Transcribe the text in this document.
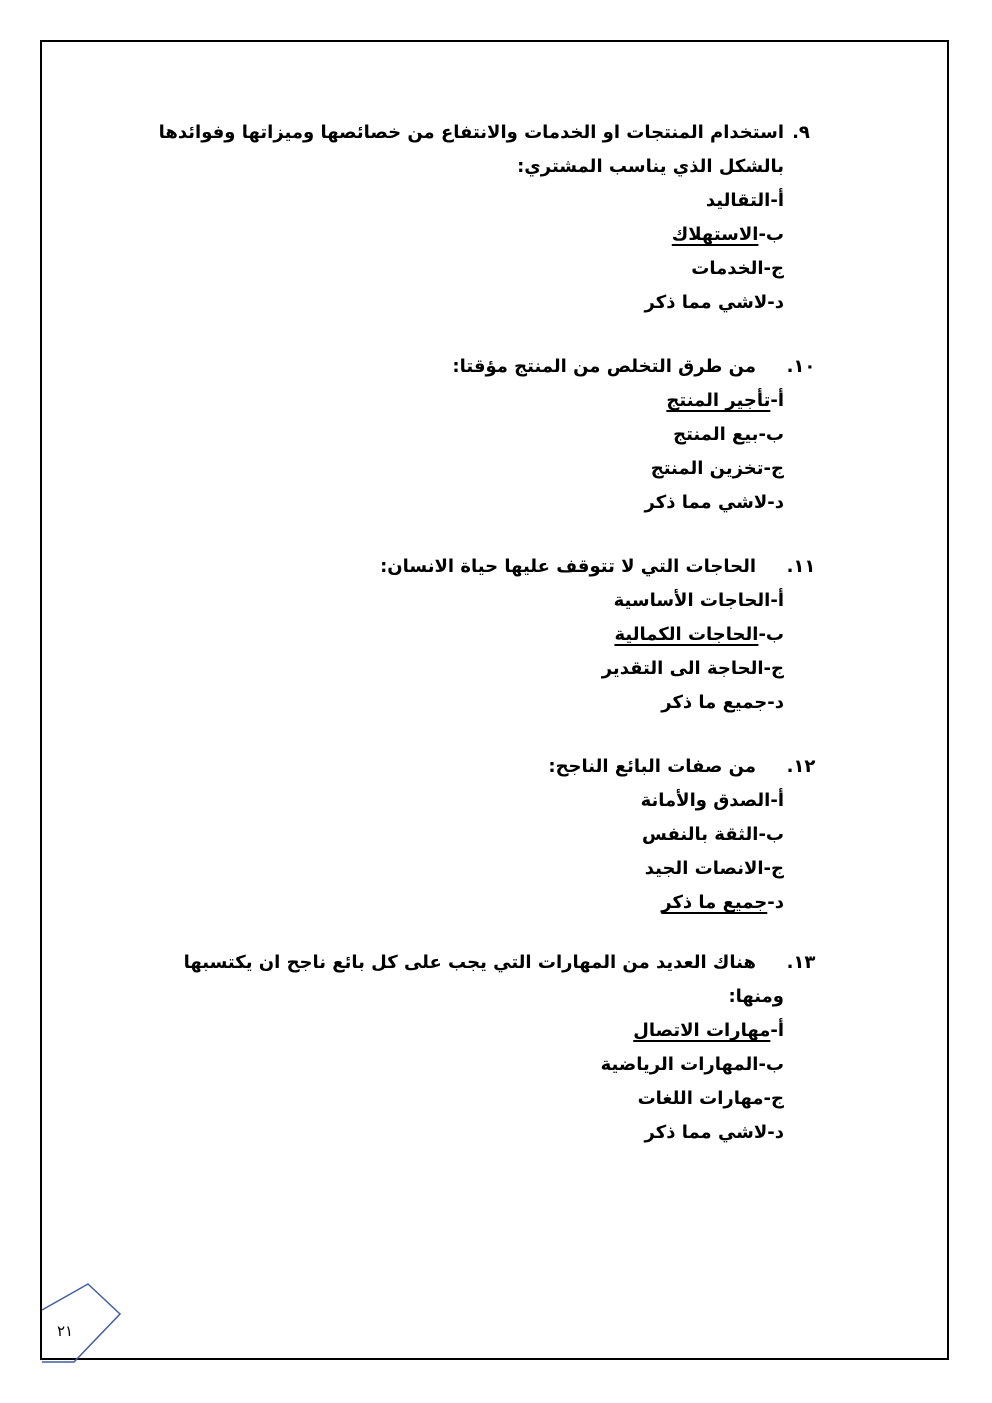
٩.
استخدام المنتجات او الخدمات والانتفاع من خصائصها وميزاتها وفوائدها
بالشكل الذي يناسب المشتري:
أ-التقاليد
ب-الاستهلاك
ج-الخدمات
د-لاشي مما ذكر
١٠.
من طرق التخلص من المنتج مؤقتا:
أ-تأجير المنتج
ب-بيع المنتج
ج-تخزين المنتج
د-لاشي مما ذكر
١١.
الحاجات التي لا تتوقف عليها حياة الانسان:
أ-الحاجات الأساسية
ب-الحاجات الكمالية
ج-الحاجة الى التقدير
د-جميع ما ذكر
١٢.
من صفات البائع الناجح:
أ-الصدق والأمانة
ب-الثقة بالنفس
ج-الانصات الجيد
د-جميع ما ذكر
١٣.
هناك العديد من المهارات التي يجب على كل بائع ناجح ان يكتسبها
ومنها:
أ-مهارات الاتصال
ب-المهارات الرياضية
ج-مهارات اللغات
د-لاشي مما ذكر
٢١
